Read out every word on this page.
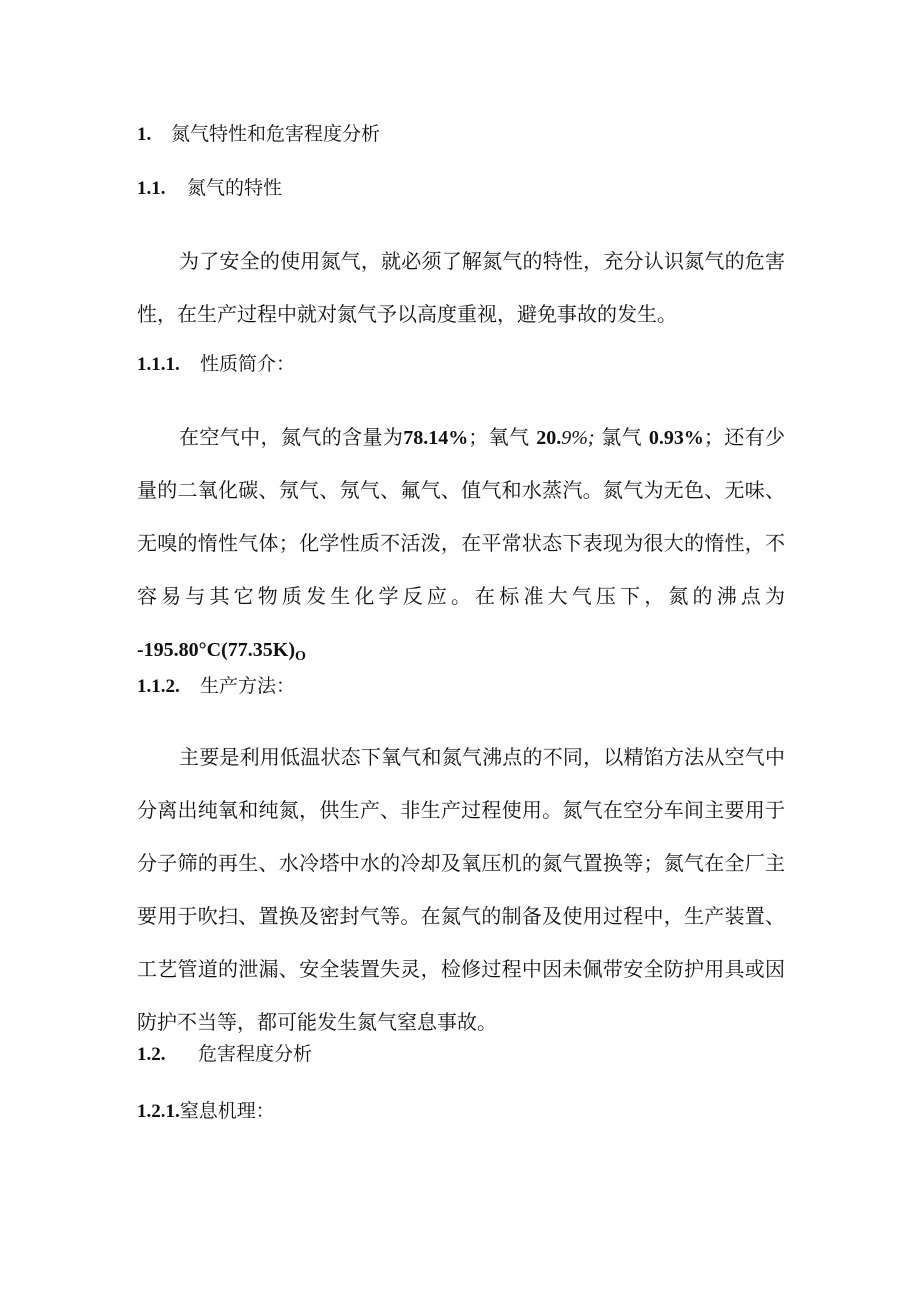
1. 氮气特性和危害程度分析
1.1. 氮气的特性
为了安全的使用氮气，就必须了解氮气的特性，充分认识氮气的危害
性，在生产过程中就对氮气予以高度重视，避免事故的发生。
1.1.1. 性质简介：
在空气中，氮气的含量为78.14%；氧气 20.9%; 氯气 0.93%；还有少
量的二氧化碳、氖气、氖气、氟气、值气和水蒸汽。氮气为无色、无味、
无嗅的惰性气体；化学性质不活泼，在平常状态下表现为很大的惰性，不
容易与其它物质发生化学反应。在标准大气压下，氮的沸点为
$-195.80^\circ C(77.35K)_O$
1.1.2. 生产方法：
主要是利用低温状态下氧气和氮气沸点的不同，以精馅方法从空气中
分离出纯氧和纯氮，供生产、非生产过程使用。氮气在空分车间主要用于
分子筛的再生、水冷塔中水的冷却及氧压机的氮气置换等；氮气在全厂主
要用于吹扫、置换及密封气等。在氮气的制备及使用过程中，生产装置、
工艺管道的泄漏、安全装置失灵，检修过程中因未佩带安全防护用具或因
防护不当等，都可能发生氮气窒息事故。
1.2. 危害程度分析
1.2.1.窒息机理：
